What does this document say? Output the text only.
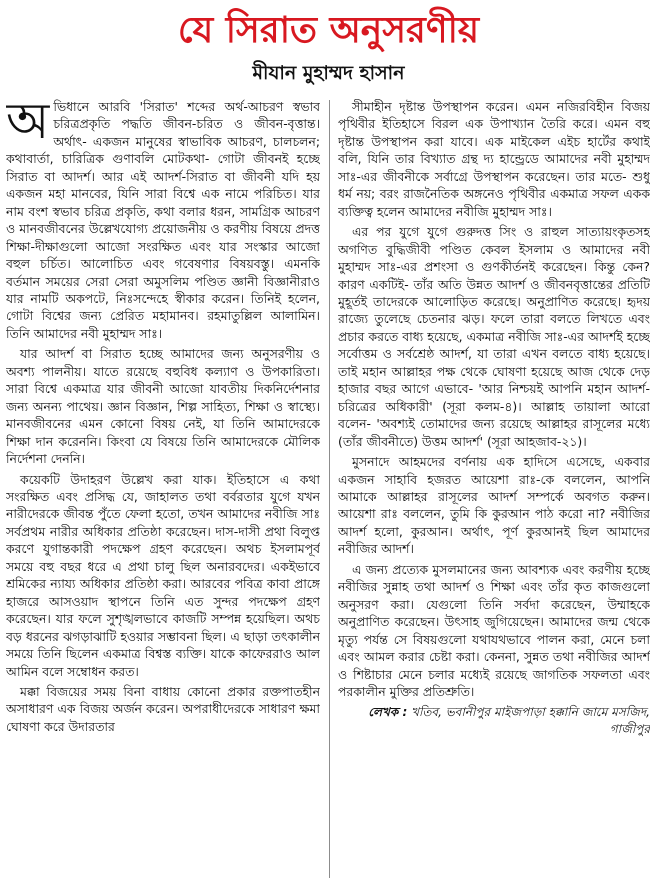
যে সিরাত অনুসরণীয়
মীযান মুহাম্মদ হাসান

অভিধানে আরবি 'সিরাত' শব্দের অর্থ-আচরণ স্বভাব চরিত্রপ্রকৃতি পদ্ধতি জীবন-চরিত ও জীবন-বৃত্তান্ত। অর্থাৎ- একজন মানুষের স্বাভাবিক আচরণ, চালচলন; কথাবার্তা, চারিত্রিক গুণাবলি মোটকথা- গোটা জীবনই হচ্ছে সিরাত বা আদর্শ। আর এই আদর্শ-সিরাত বা জীবনী যদি হয় একজন মহা মানবের, যিনি সারা বিশ্বে এক নামে পরিচিত। যার নাম বংশ স্বভাব চরিত্র প্রকৃতি, কথা বলার ধরন, সামগ্রিক আচরণ ও মানবজীবনের উল্লেখযোগ্য প্রয়োজনীয় ও করণীয় বিষয়ে প্রদত্ত শিক্ষা-দীক্ষাগুলো আজো সংরক্ষিত এবং যার সংস্কার আজো বহুল চর্চিত। আলোচিত এবং গবেষণার বিষয়বস্তু। এমনকি বর্তমান সময়ের সেরা সেরা অমুসলিম পণ্ডিত জ্ঞানী বিজ্ঞানীরাও যার নামটি অকপটে, নিঃসন্দেহে স্বীকার করেন। তিনিই হলেন, গোটা বিশ্বের জন্য প্রেরিত মহামানব। রহমাতুল্লিল আলামিন। তিনি আমাদের নবী মুহাম্মদ সাঃ।

যার আদর্শ বা সিরাত হচ্ছে আমাদের জন্য অনুসরণীয় ও অবশ্য পালনীয়। যাতে রয়েছে বহুবিধ কল্যাণ ও উপকারিতা। সারা বিশ্বে একমাত্র যার জীবনী আজো যাবতীয় দিকনির্দেশনার জন্য অনন্য পাথেয়। জ্ঞান বিজ্ঞান, শিল্প সাহিত্য, শিক্ষা ও স্বাস্থ্যে। মানবজীবনের এমন কোনো বিষয় নেই, যা তিনি আমাদেরকে শিক্ষা দান করেননি। কিংবা যে বিষয়ে তিনি আমাদেরকে মৌলিক নির্দেশনা দেননি।

কয়েকটি উদাহরণ উল্লেখ করা যাক। ইতিহাসে এ কথা সংরক্ষিত এবং প্রসিদ্ধ যে, জাহালত তথা বর্বরতার যুগে যখন নারীদেরকে জীবন্ত পুঁতে ফেলা হতো, তখন আমাদের নবীজি সাঃ সর্বপ্রথম নারীর অধিকার প্রতিষ্ঠা করেছেন। দাস-দাসী প্রথা বিলুপ্ত করণে যুগান্তকারী পদক্ষেপ গ্রহণ করেছেন। অথচ ইসলামপূর্ব সময়ে বহু বছর ধরে এ প্রথা চালু ছিল অনারবদের। একইভাবে শ্রমিকের ন্যায্য অধিকার প্রতিষ্ঠা করা। আরবের পবিত্র কাবা প্রাঙ্গে হাজরে আসওয়াদ স্থাপনে তিনি এত সুন্দর পদক্ষেপ গ্রহণ করেছেন। যার ফলে সুশৃঙ্খলভাবে কাজটি সম্পন্ন হয়েছিল। অথচ বড় ধরনের ঝগড়াঝাটি হওয়ার সম্ভাবনা ছিল। এ ছাড়া তৎকালীন সময়ে তিনি ছিলেন একমাত্র বিশ্বস্ত ব্যক্তি। যাকে কাফেররাও আল আমিন বলে সম্বোধন করত।

মক্কা বিজয়ের সময় বিনা বাধায় কোনো প্রকার রক্তপাতহীন অসাধারণ এক বিজয় অর্জন করেন। অপরাধীদেরকে সাধারণ ক্ষমা ঘোষণা করে উদারতার

সীমাহীন দৃষ্টান্ত উপস্থাপন করেন। এমন নজিরবিহীন বিজয় পৃথিবীর ইতিহাসে বিরল এক উপাখ্যান তৈরি করে। এমন বহু দৃষ্টান্ত উপস্থাপন করা যাবে। এক মাইকেল এইচ হার্টের কথাই বলি, যিনি তার বিখ্যাত গ্রন্থ দ্য হান্ড্রেডে আমাদের নবী মুহাম্মদ সাঃ-এর জীবনীকে সর্বাগ্রে উপস্থাপন করেছেন। তার মতে- শুধু ধর্ম নয়; বরং রাজনৈতিক অঙ্গনেও পৃথিবীর একমাত্র সফল একক ব্যক্তিত্ব হলেন আমাদের নবীজি মুহাম্মদ সাঃ।

এর পর যুগে যুগে গুরুদত্ত সিং ও রাহুল সাত্যায়ংকৃতসহ অগণিত বুদ্ধিজীবী পণ্ডিত কেবল ইসলাম ও আমাদের নবী মুহাম্মদ সাঃ-এর প্রশংসা ও গুণকীর্তনই করেছেন। কিন্তু কেন? কারণ একটিই- তাঁর অতি উন্নত আদর্শ ও জীবনবৃত্তান্তের প্রতিটি মুহূর্তই তাদেরকে আলোড়িত করেছে। অনুপ্রাণিত করেছে। হৃদয় রাজ্যে তুলেছে চেতনার ঝড়। ফলে তারা বলতে লিখতে এবং প্রচার করতে বাধ্য হয়েছে, একমাত্র নবীজি সাঃ-এর আদর্শই হচ্ছে সর্বোত্তম ও সর্বশ্রেষ্ঠ আদর্শ, যা তারা এখন বলতে বাধ্য হয়েছে। তাই মহান আল্লাহর পক্ষ থেকে ঘোষণা হয়েছে আজ থেকে দেড় হাজার বছর আগে এভাবে- 'আর নিশ্চয়ই আপনি মহান আদর্শ-চরিত্রের অধিকারী' (সূরা কলম-৪)। আল্লাহ তায়ালা আরো বলেন- 'অবশ্যই তোমাদের জন্য রয়েছে আল্লাহর রাসূলের মধ্যে (তাঁর জীবনীতে) উত্তম আদর্শ' (সূরা আহজাব-২১)।

মুসনাদে আহমদের বর্ণনায় এক হাদিসে এসেছে, একবার একজন সাহাবি হজরত আয়েশা রাঃ-কে বললেন, আপনি আমাকে আল্লাহর রাসূলের আদর্শ সম্পর্কে অবগত করুন। আয়েশা রাঃ বললেন, তুমি কি কুরআন পাঠ করো না? নবীজির আদর্শ হলো, কুরআন। অর্থাৎ, পূর্ণ কুরআনই ছিল আমাদের নবীজির আদর্শ।

এ জন্য প্রত্যেক মুসলমানের জন্য আবশ্যক এবং করণীয় হচ্ছে নবীজির সুন্নাহ তথা আদর্শ ও শিক্ষা এবং তাঁর কৃত কাজগুলো অনুসরণ করা। যেগুলো তিনি সর্বদা করেছেন, উম্মাহকে অনুপ্রাণিত করেছেন। উৎসাহ জুগিয়েছেন। আমাদের জন্ম থেকে মৃত্যু পর্যন্ত সে বিষয়গুলো যথাযথভাবে পালন করা, মেনে চলা এবং আমল করার চেষ্টা করা। কেননা, সুন্নত তথা নবীজির আদর্শ ও শিষ্টাচার মেনে চলার মধ্যেই রয়েছে জাগতিক সফলতা এবং পরকালীন মুক্তির প্রতিশ্রুতি।

লেখক : খতিব, ভবানীপুর মাইজপাড়া হক্কানি জামে মসজিদ, গাজীপুর
